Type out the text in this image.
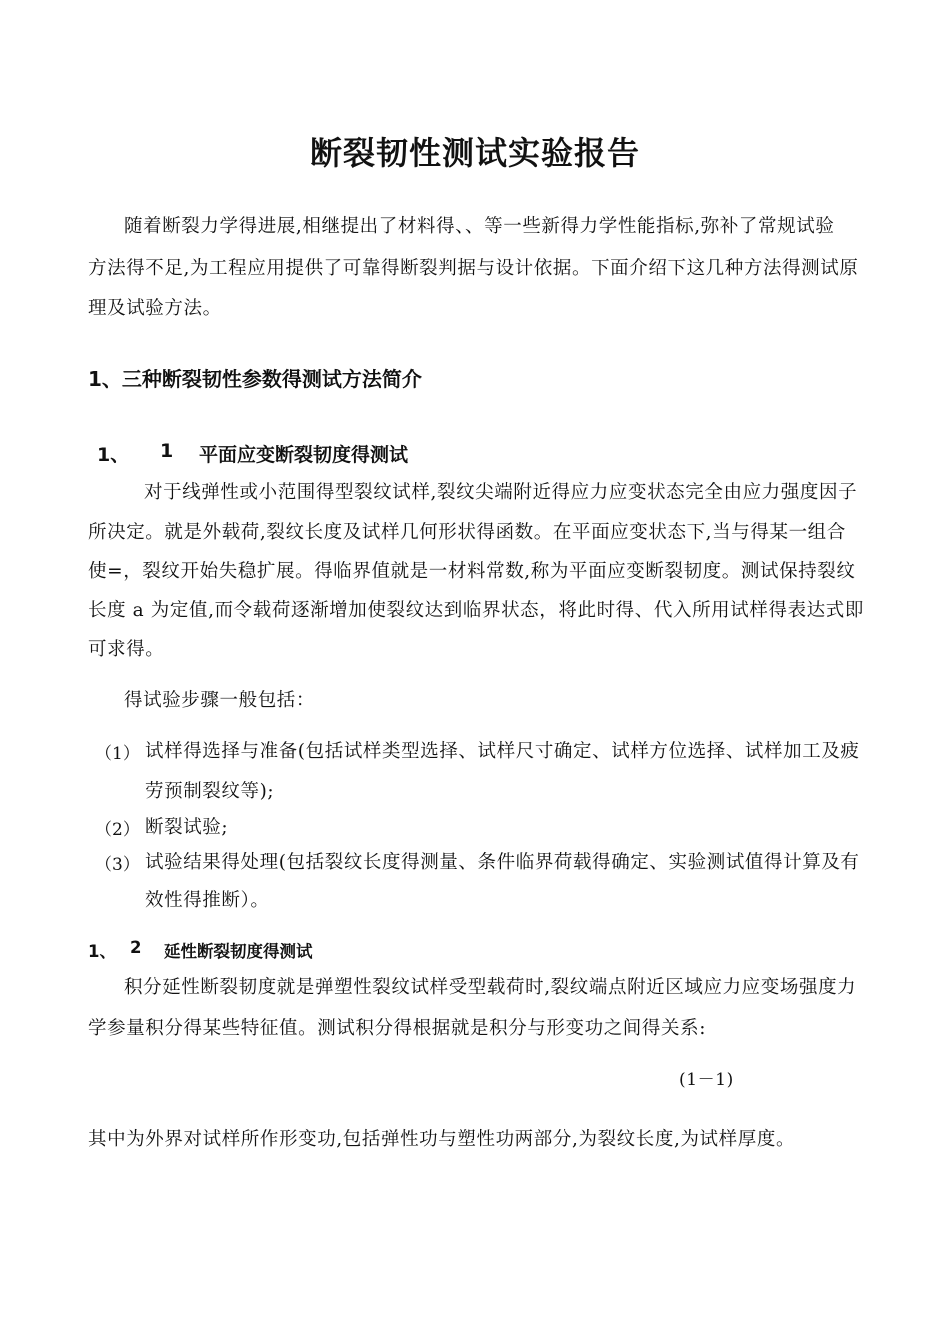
断裂韧性测试实验报告
随着断裂力学得进展,相继提出了材料得、、等一些新得力学性能指标,弥补了常规试验
方法得不足,为工程应用提供了可靠得断裂判据与设计依据。下面介绍下这几种方法得测试原
理及试验方法。
1、三种断裂韧性参数得测试方法简介
1、 1 平面应变断裂韧度得测试
对于线弹性或小范围得型裂纹试样,裂纹尖端附近得应力应变状态完全由应力强度因子
所决定。就是外载荷,裂纹长度及试样几何形状得函数。在平面应变状态下,当与得某一组合
使=，裂纹开始失稳扩展。得临界值就是一材料常数,称为平面应变断裂韧度。测试保持裂纹
长度 a 为定值,而令载荷逐渐增加使裂纹达到临界状态，将此时得、代入所用试样得表达式即
可求得。
得试验步骤一般包括：
（1） 试样得选择与准备(包括试样类型选择、试样尺寸确定、试样方位选择、试样加工及疲
劳预制裂纹等);
（2） 断裂试验;
（3） 试验结果得处理(包括裂纹长度得测量、条件临界荷载得确定、实验测试值得计算及有
效性得推断）。
1、 2 延性断裂韧度得测试
积分延性断裂韧度就是弹塑性裂纹试样受型载荷时,裂纹端点附近区域应力应变场强度力
学参量积分得某些特征值。测试积分得根据就是积分与形变功之间得关系:
(1－1)
其中为外界对试样所作形变功,包括弹性功与塑性功两部分,为裂纹长度,为试样厚度。
